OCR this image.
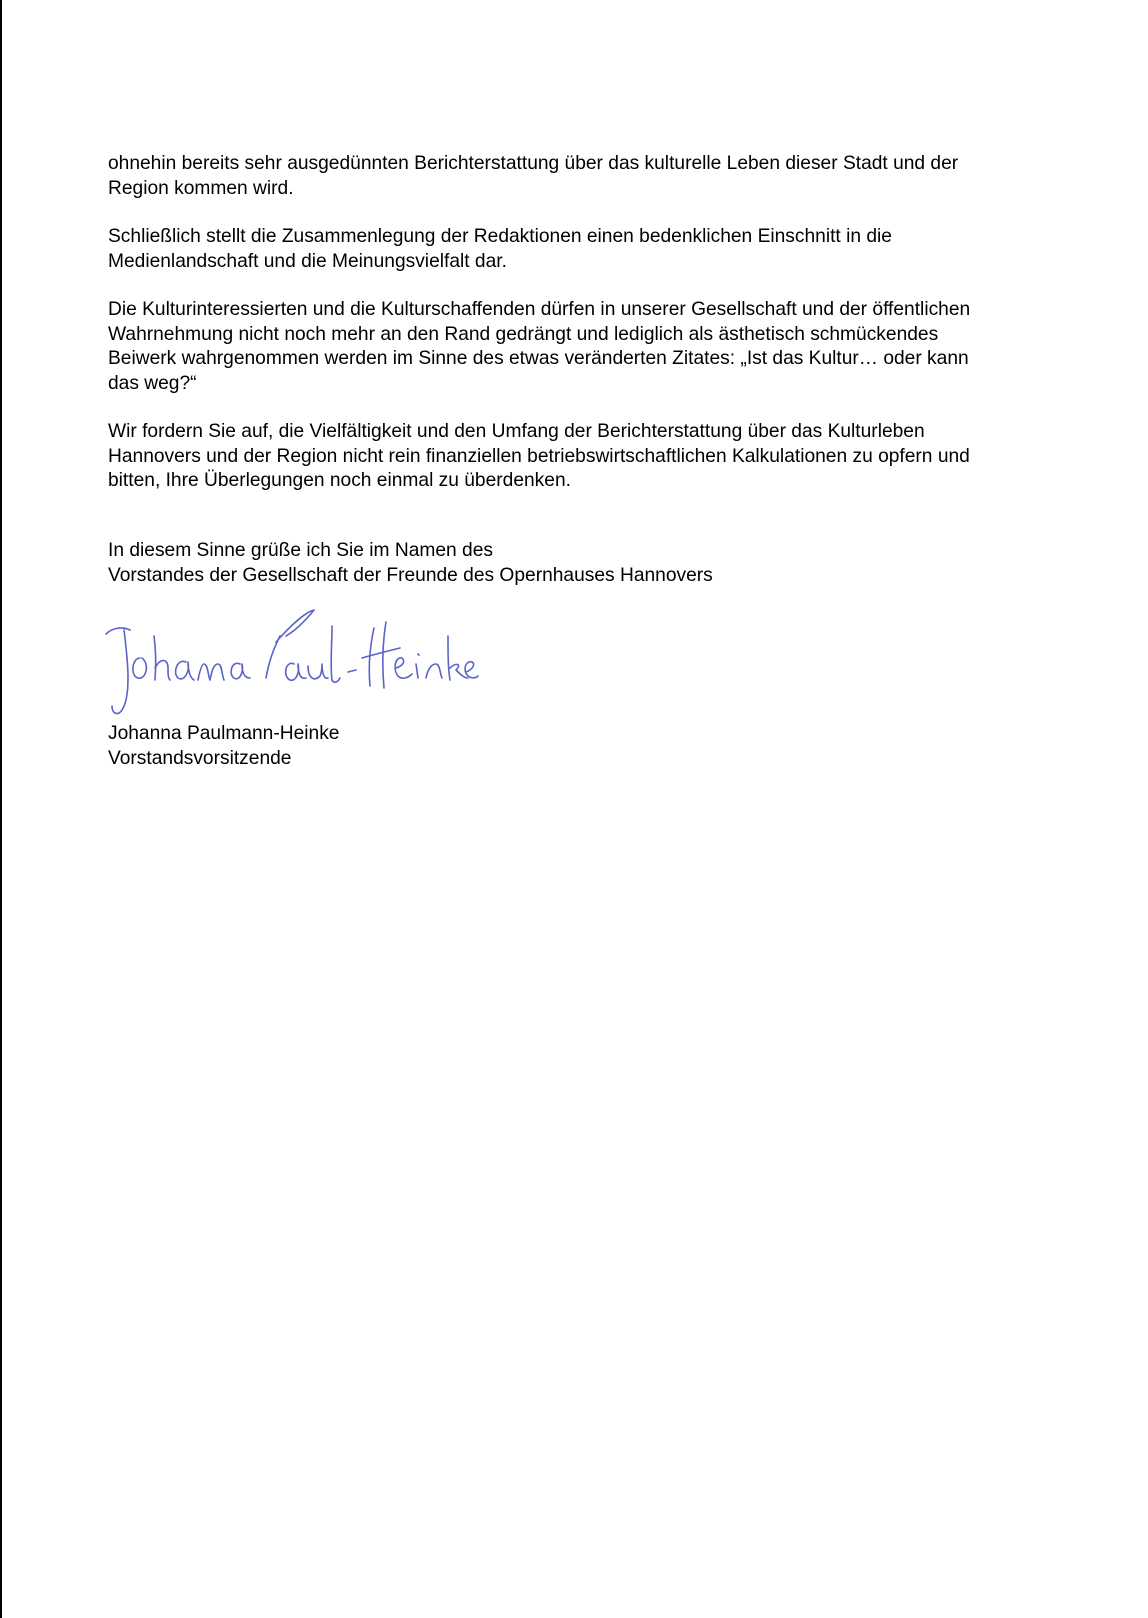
ohnehin bereits sehr ausgedünnten Berichterstattung über das kulturelle Leben dieser Stadt und der
Region kommen wird.

Schließlich stellt die Zusammenlegung der Redaktionen einen bedenklichen Einschnitt in die
Medienlandschaft und die Meinungsvielfalt dar.

Die Kulturinteressierten und die Kulturschaffenden dürfen in unserer Gesellschaft und der öffentlichen
Wahrnehmung nicht noch mehr an den Rand gedrängt und lediglich als ästhetisch schmückendes
Beiwerk wahrgenommen werden im Sinne des etwas veränderten Zitates: „Ist das Kultur… oder kann
das weg?“

Wir fordern Sie auf, die Vielfältigkeit und den Umfang der Berichterstattung über das Kulturleben
Hannovers und der Region nicht rein finanziellen betriebswirtschaftlichen Kalkulationen zu opfern und
bitten, Ihre Überlegungen noch einmal zu überdenken.

In diesem Sinne grüße ich Sie im Namen des
Vorstandes der Gesellschaft der Freunde des Opernhauses Hannovers
Johanna Paulmann-Heinke
Vorstandsvorsitzende
